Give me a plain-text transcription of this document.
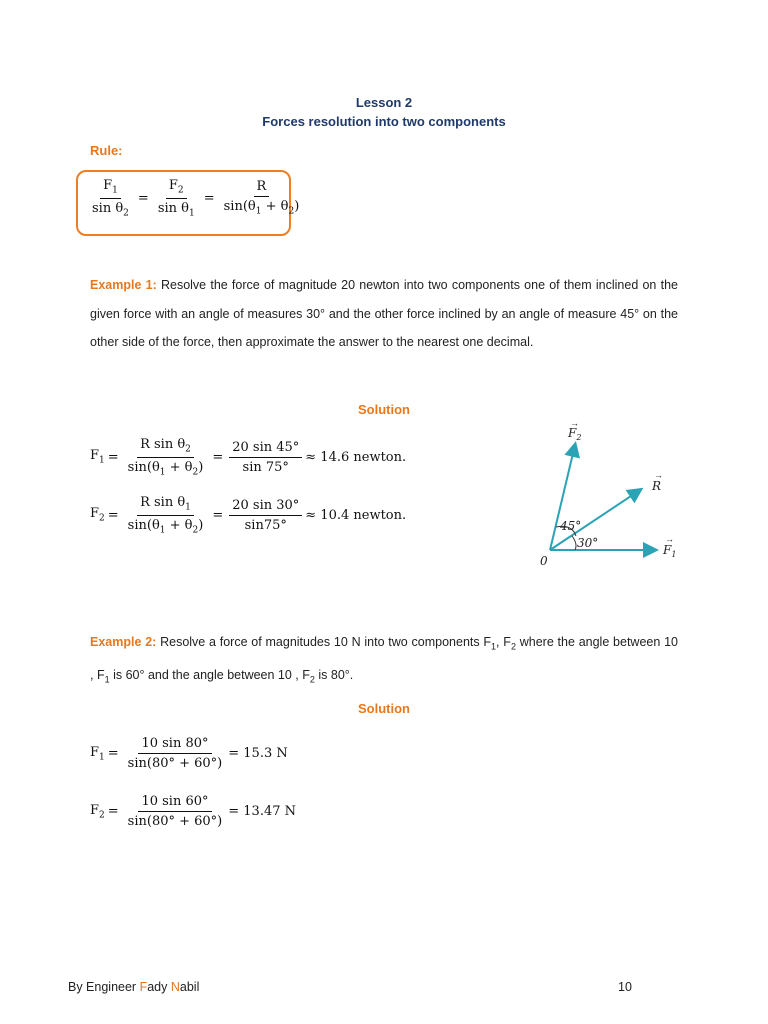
Lesson 2
Forces resolution into two components
Rule:
$\frac{F_1}{\sin \theta_2} = \frac{F_2}{\sin \theta_1} = \frac{R}{\sin(\theta_1 + \theta_2)}$
Example 1: Resolve the force of magnitude 20 newton into two components one of them inclined on the given force with an angle of measures 30° and the other force inclined by an angle of measure 45° on the other side of the force, then approximate the answer to the nearest one decimal.
Solution
$F_1 = \frac{R \sin \theta_2}{\sin(\theta_1 + \theta_2)} = \frac{20 \sin 45^\circ}{\sin 75^\circ} \approx 14.6$ newton.
$F_2 = \frac{R \sin \theta_1}{\sin(\theta_1 + \theta_2)} = \frac{20 \sin 30^\circ}{\sin 75^\circ} \approx 10.4$ newton.
0
45°
30°
$F_2$
R
$F_1$
→
→
→
Example 2: Resolve a force of magnitudes 10 N into two components $F_1$, $F_2$ where the angle between 10 , $F_1$ is 60° and the angle between 10 , $F_2$ is 80°.
Solution
$F_1 = \frac{10 \sin 80^\circ}{\sin(80^\circ + 60^\circ)} = 15.3$ N
$F_2 = \frac{10 \sin 60^\circ}{\sin(80^\circ + 60^\circ)} = 13.47$ N
By Engineer Fady Nabil	10
